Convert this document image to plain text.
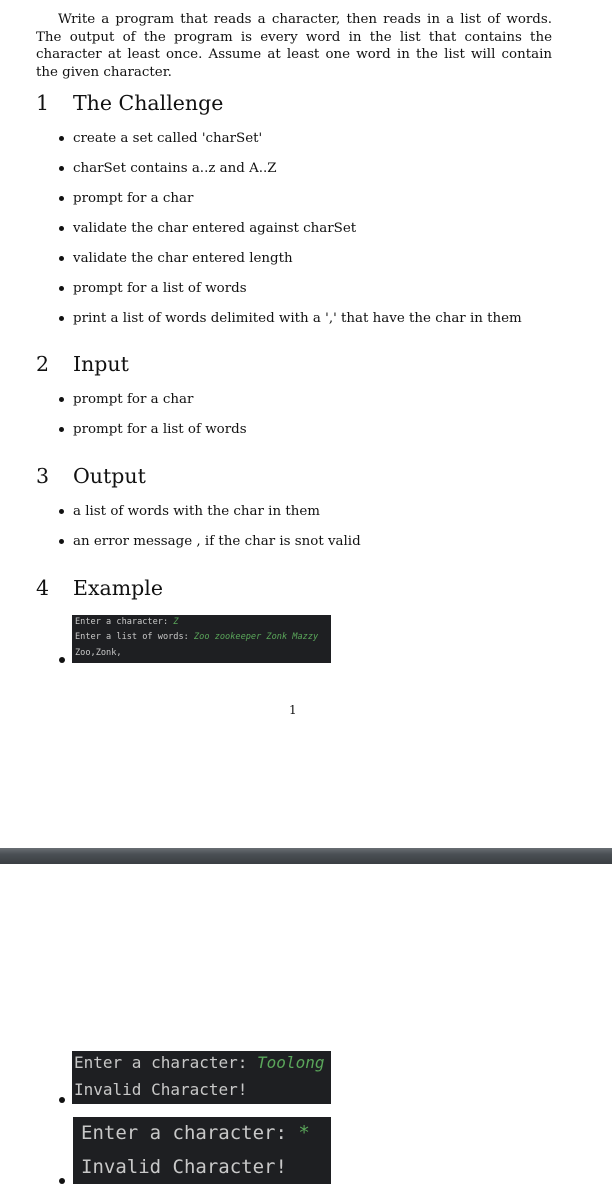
Write a program that reads a character, then reads in a list of words. The output of the program is every word in the list that contains the character at least once. Assume at least one word in the list will contain the given character.

1 The Challenge
create a set called 'charSet'
charSet contains a..z and A..Z
prompt for a char
validate the char entered against charSet
validate the char entered length
prompt for a list of words
print a list of words delimited with a ',' that have the char in them
2 Input
prompt for a char
prompt for a list of words
3 Output
a list of words with the char in them
an error message , if the char is snot valid
4 Example
Enter a character: Z
Enter a list of words: Zoo zookeeper Zonk Mazzy
Zoo,Zonk,

1

Enter a character: Toolong
Invalid Character!
Enter a character: *
Invalid Character!
